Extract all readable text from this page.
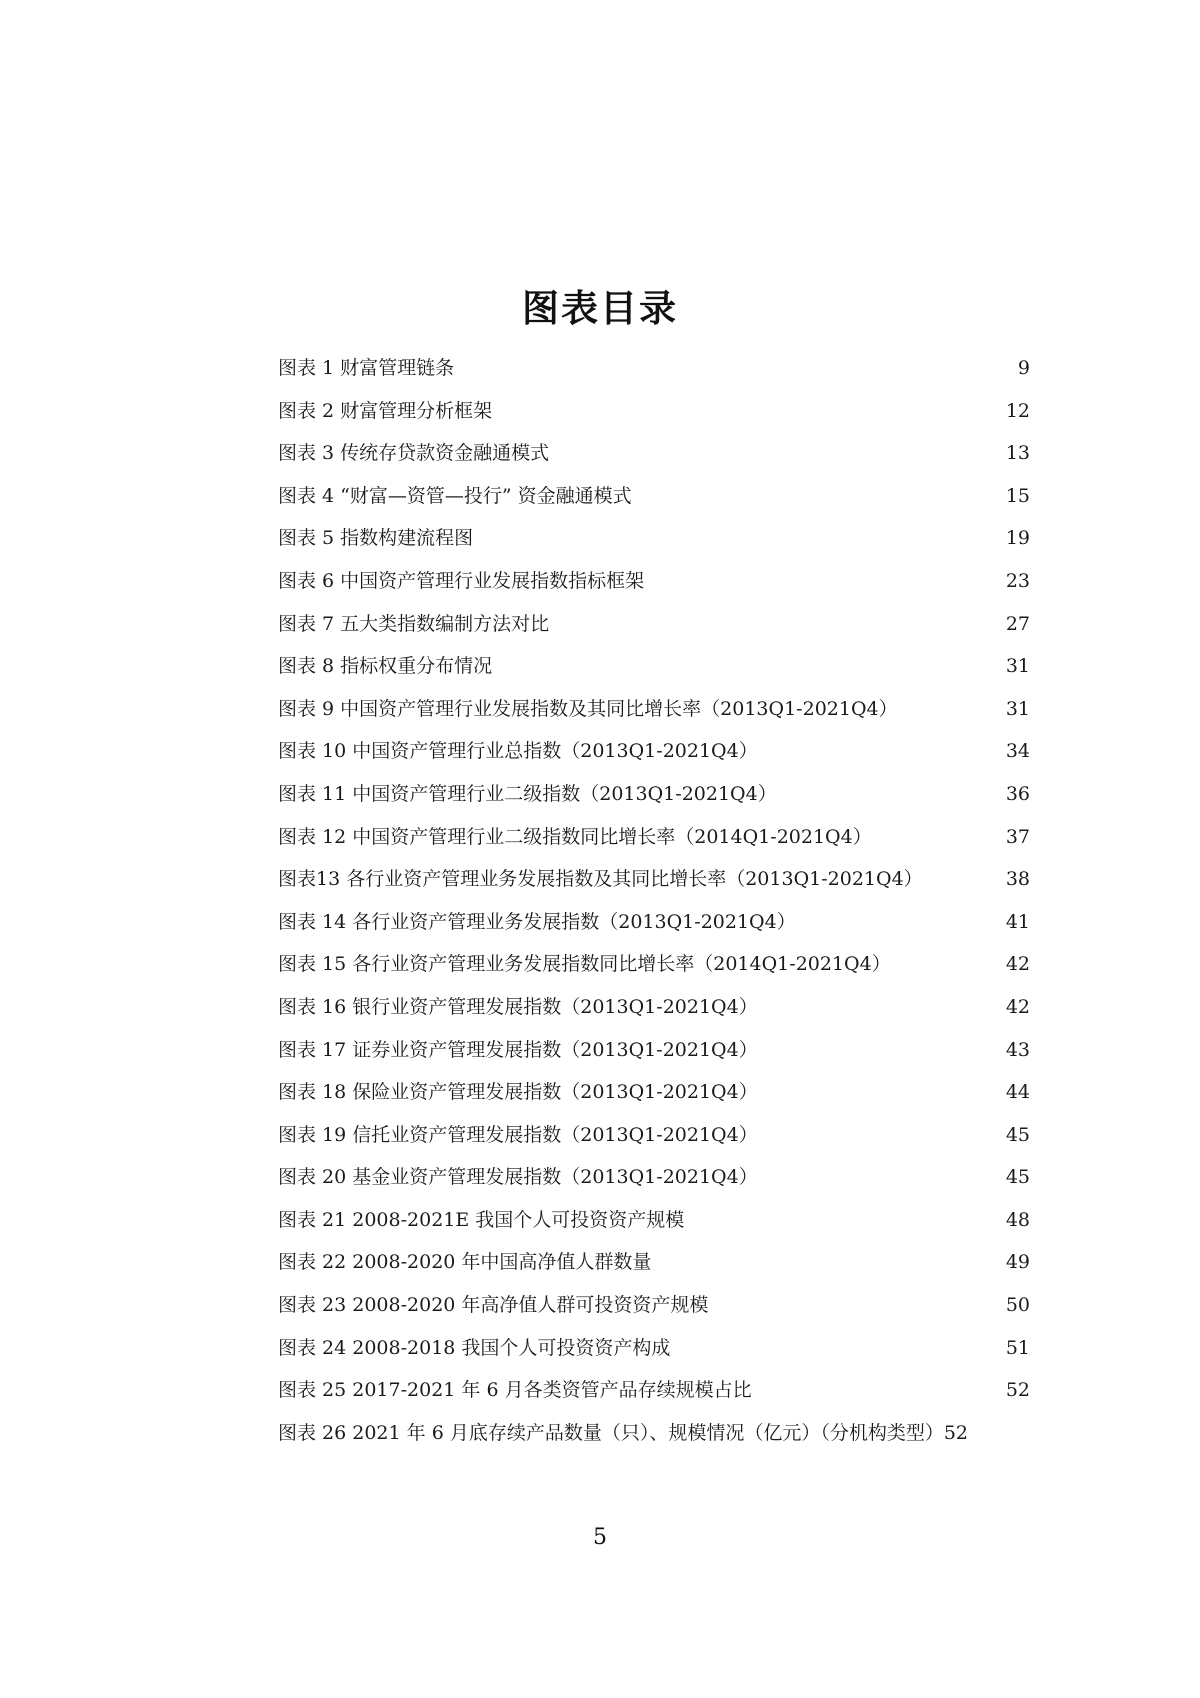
图表目录
图表 1 财富管理链条 .....	9
图表 2 财富管理分析框架 .....	12
图表 3 传统存贷款资金融通模式 .....	13
图表 4 “财富—资管—投行” 资金融通模式 .....	15
图表 5 指数构建流程图 .....	19
图表 6 中国资产管理行业发展指数指标框架 .....	23
图表 7 五大类指数编制方法对比 .....	27
图表 8 指标权重分布情况 .....	31
图表 9 中国资产管理行业发展指数及其同比增长率（2013Q1-2021Q4） .....	31
图表 10 中国资产管理行业总指数（2013Q1-2021Q4） .....	34
图表 11 中国资产管理行业二级指数（2013Q1-2021Q4） .....	36
图表 12 中国资产管理行业二级指数同比增长率（2014Q1-2021Q4） .....	37
图表13 各行业资产管理业务发展指数及其同比增长率（2013Q1-2021Q4） .....	38
图表 14 各行业资产管理业务发展指数（2013Q1-2021Q4） .....	41
图表 15 各行业资产管理业务发展指数同比增长率（2014Q1-2021Q4） .....	42
图表 16 银行业资产管理发展指数（2013Q1-2021Q4） .....	42
图表 17 证券业资产管理发展指数（2013Q1-2021Q4） .....	43
图表 18 保险业资产管理发展指数（2013Q1-2021Q4） .....	44
图表 19 信托业资产管理发展指数（2013Q1-2021Q4） .....	45
图表 20 基金业资产管理发展指数（2013Q1-2021Q4） .....	45
图表 21 2008-2021E 我国个人可投资资产规模 .....	48
图表 22 2008-2020 年中国高净值人群数量 .....	49
图表 23 2008-2020 年高净值人群可投资资产规模 .....	50
图表 24 2008-2018 我国个人可投资资产构成 .....	51
图表 25 2017-2021 年 6 月各类资管产品存续规模占比 .....	52
图表 26 2021 年 6 月底存续产品数量（只）、规模情况（亿元）（分机构类型） 52
5
